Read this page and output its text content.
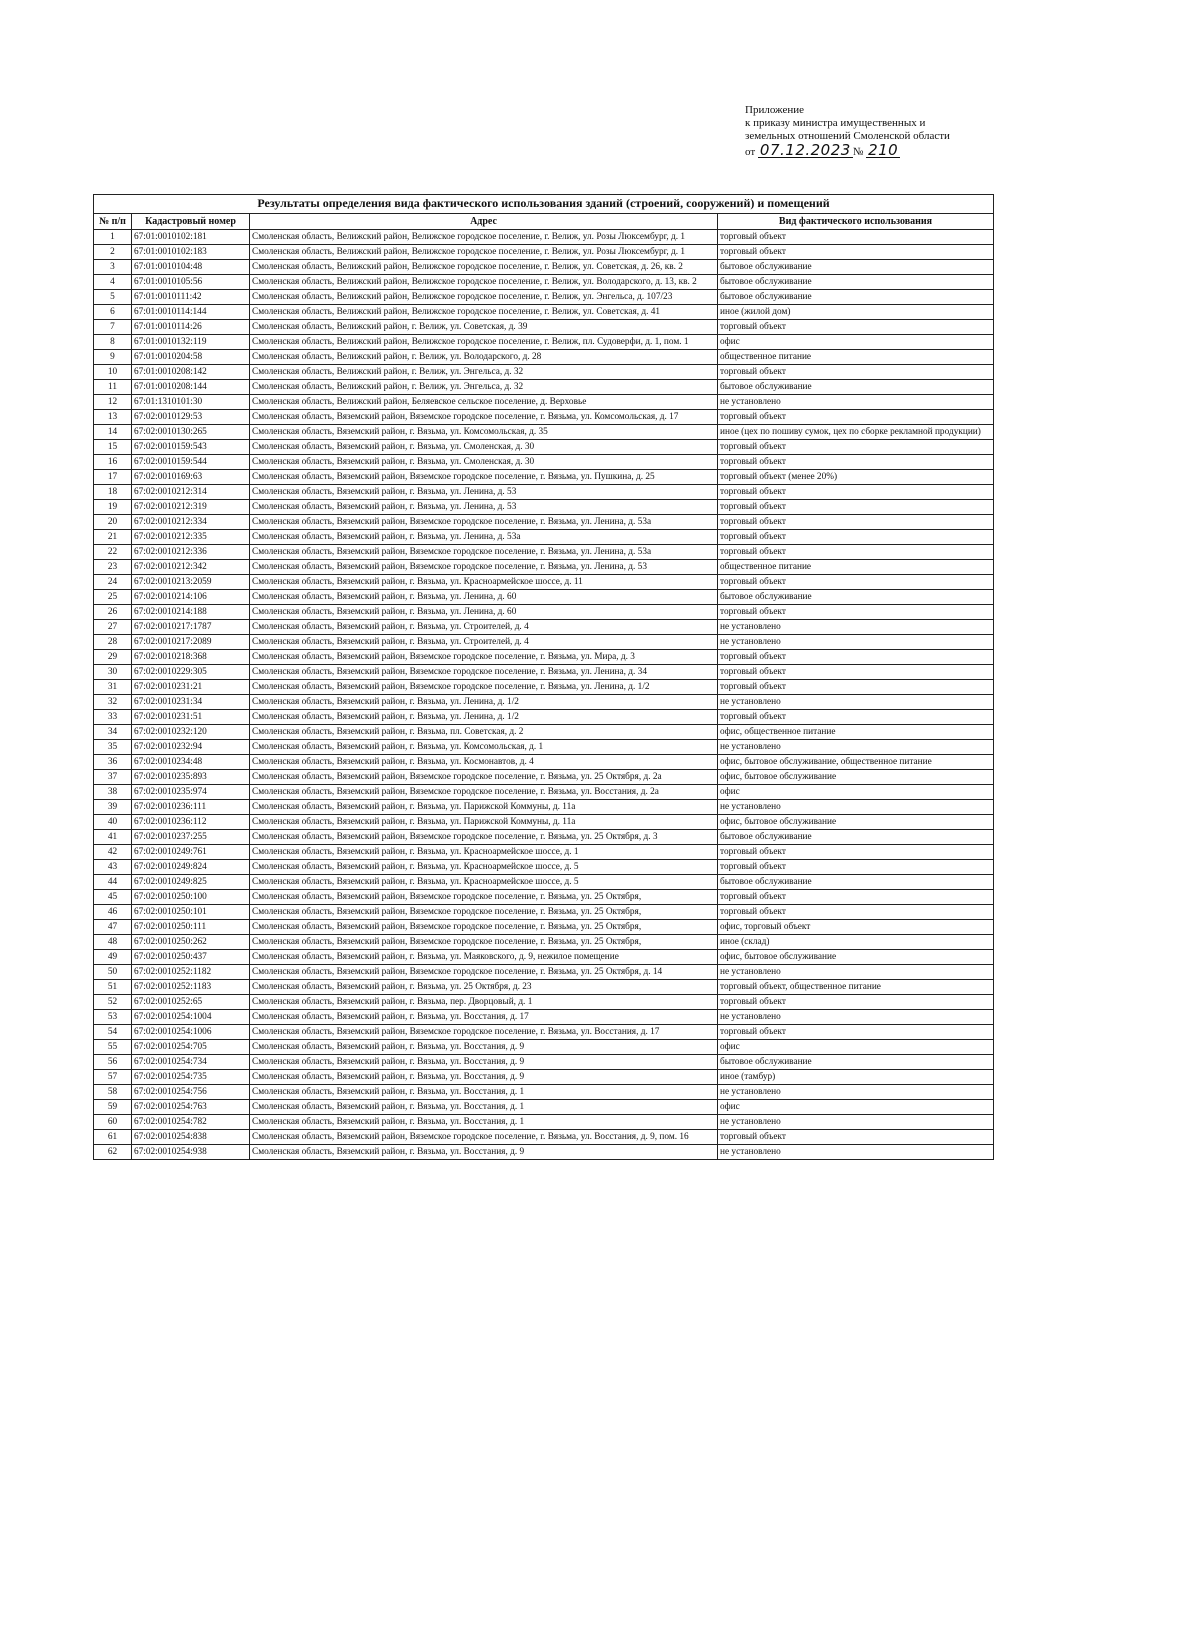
Приложение
к приказу министра имущественных и
земельных отношений Смоленской области
от 07.12.2023 № 210
Результаты определения вида фактического использования зданий (строений, сооружений) и помещений			
№ п/п	Кадастровый номер	Адрес	Вид фактического использования
1	67:01:0010102:181	Смоленская область, Велижский район, Велижское городское поселение, г. Велиж, ул. Розы Люксембург, д. 1	торговый объект
2	67:01:0010102:183	Смоленская область, Велижский район, Велижское городское поселение, г. Велиж, ул. Розы Люксембург, д. 1	торговый объект
3	67:01:0010104:48	Смоленская область, Велижский район, Велижское городское поселение, г. Велиж, ул. Советская, д. 26, кв. 2	бытовое обслуживание
4	67:01:0010105:56	Смоленская область, Велижский район, Велижское городское поселение, г. Велиж, ул. Володарского, д. 13, кв. 2	бытовое обслуживание
5	67:01:0010111:42	Смоленская область, Велижский район, Велижское городское поселение, г. Велиж, ул. Энгельса, д. 107/23	бытовое обслуживание
6	67:01:0010114:144	Смоленская область, Велижский район, Велижское городское поселение, г. Велиж, ул. Советская, д. 41	иное (жилой дом)
7	67:01:0010114:26	Смоленская область, Велижский район, г. Велиж, ул. Советская, д. 39	торговый объект
8	67:01:0010132:119	Смоленская область, Велижский район, Велижское городское поселение, г. Велиж, пл. Судоверфи, д. 1, пом. 1	офис
9	67:01:0010204:58	Смоленская область, Велижский район, г. Велиж, ул. Володарского, д. 28	общественное питание
10	67:01:0010208:142	Смоленская область, Велижский район, г. Велиж, ул. Энгельса, д. 32	торговый объект
11	67:01:0010208:144	Смоленская область, Велижский район, г. Велиж, ул. Энгельса, д. 32	бытовое обслуживание
12	67:01:1310101:30	Смоленская область, Велижский район, Беляевское сельское поселение, д. Верховье	не установлено
13	67:02:0010129:53	Смоленская область, Вяземский район, Вяземское городское поселение, г. Вязьма, ул. Комсомольская, д. 17	торговый объект
14	67:02:0010130:265	Смоленская область, Вяземский район, г. Вязьма, ул. Комсомольская, д. 35	иное (цех по пошиву сумок, цех по сборке рекламной продукции)
15	67:02:0010159:543	Смоленская область, Вяземский район, г. Вязьма, ул. Смоленская, д. 30	торговый объект
16	67:02:0010159:544	Смоленская область, Вяземский район, г. Вязьма, ул. Смоленская, д. 30	торговый объект
17	67:02:0010169:63	Смоленская область, Вяземский район, Вяземское городское поселение, г. Вязьма, ул. Пушкина, д. 25	торговый объект (менее 20%)
18	67:02:0010212:314	Смоленская область, Вяземский район, г. Вязьма, ул. Ленина, д. 53	торговый объект
19	67:02:0010212:319	Смоленская область, Вяземский район, г. Вязьма, ул. Ленина, д. 53	торговый объект
20	67:02:0010212:334	Смоленская область, Вяземский район, Вяземское городское поселение, г. Вязьма, ул. Ленина, д. 53а	торговый объект
21	67:02:0010212:335	Смоленская область, Вяземский район, г. Вязьма, ул. Ленина, д. 53а	торговый объект
22	67:02:0010212:336	Смоленская область, Вяземский район, Вяземское городское поселение, г. Вязьма, ул. Ленина, д. 53а	торговый объект
23	67:02:0010212:342	Смоленская область, Вяземский район, Вяземское городское поселение, г. Вязьма, ул. Ленина, д. 53	общественное питание
24	67:02:0010213:2059	Смоленская область, Вяземский район, г. Вязьма, ул. Красноармейское шоссе, д. 11	торговый объект
25	67:02:0010214:106	Смоленская область, Вяземский район, г. Вязьма, ул. Ленина, д. 60	бытовое обслуживание
26	67:02:0010214:188	Смоленская область, Вяземский район, г. Вязьма, ул. Ленина, д. 60	торговый объект
27	67:02:0010217:1787	Смоленская область, Вяземский район, г. Вязьма, ул. Строителей, д. 4	не установлено
28	67:02:0010217:2089	Смоленская область, Вяземский район, г. Вязьма, ул. Строителей, д. 4	не установлено
29	67:02:0010218:368	Смоленская область, Вяземский район, Вяземское городское поселение, г. Вязьма, ул. Мира, д. 3	торговый объект
30	67:02:0010229:305	Смоленская область, Вяземский район, Вяземское городское поселение, г. Вязьма, ул. Ленина, д. 34	торговый объект
31	67:02:0010231:21	Смоленская область, Вяземский район, Вяземское городское поселение, г. Вязьма, ул. Ленина, д. 1/2	торговый объект
32	67:02:0010231:34	Смоленская область, Вяземский район, г. Вязьма, ул. Ленина, д. 1/2	не установлено
33	67:02:0010231:51	Смоленская область, Вяземский район, г. Вязьма, ул. Ленина, д. 1/2	торговый объект
34	67:02:0010232:120	Смоленская область, Вяземский район, г. Вязьма, пл. Советская, д. 2	офис, общественное питание
35	67:02:0010232:94	Смоленская область, Вяземский район, г. Вязьма, ул. Комсомольская, д. 1	не установлено
36	67:02:0010234:48	Смоленская область, Вяземский район, г. Вязьма, ул. Космонавтов, д. 4	офис, бытовое обслуживание, общественное питание
37	67:02:0010235:893	Смоленская область, Вяземский район, Вяземское городское поселение, г. Вязьма, ул. 25 Октября, д. 2а	офис, бытовое обслуживание
38	67:02:0010235:974	Смоленская область, Вяземский район, Вяземское городское поселение, г. Вязьма, ул. Восстания, д. 2а	офис
39	67:02:0010236:111	Смоленская область, Вяземский район, г. Вязьма, ул. Парижской Коммуны, д. 11а	не установлено
40	67:02:0010236:112	Смоленская область, Вяземский район, г. Вязьма, ул. Парижской Коммуны, д. 11а	офис, бытовое обслуживание
41	67:02:0010237:255	Смоленская область, Вяземский район, Вяземское городское поселение, г. Вязьма, ул. 25 Октября, д. 3	бытовое обслуживание
42	67:02:0010249:761	Смоленская область, Вяземский район, г. Вязьма, ул. Красноармейское шоссе, д. 1	торговый объект
43	67:02:0010249:824	Смоленская область, Вяземский район, г. Вязьма, ул. Красноармейское шоссе, д. 5	торговый объект
44	67:02:0010249:825	Смоленская область, Вяземский район, г. Вязьма, ул. Красноармейское шоссе, д. 5	бытовое обслуживание
45	67:02:0010250:100	Смоленская область, Вяземский район, Вяземское городское поселение, г. Вязьма, ул. 25 Октября,	торговый объект
46	67:02:0010250:101	Смоленская область, Вяземский район, Вяземское городское поселение, г. Вязьма, ул. 25 Октября,	торговый объект
47	67:02:0010250:111	Смоленская область, Вяземский район, Вяземское городское поселение, г. Вязьма, ул. 25 Октября,	офис, торговый объект
48	67:02:0010250:262	Смоленская область, Вяземский район, Вяземское городское поселение, г. Вязьма, ул. 25 Октября,	иное (склад)
49	67:02:0010250:437	Смоленская область, Вяземский район, г. Вязьма, ул. Маяковского, д. 9, нежилое помещение	офис, бытовое обслуживание
50	67:02:0010252:1182	Смоленская область, Вяземский район, Вяземское городское поселение, г. Вязьма, ул. 25 Октября, д. 14	не установлено
51	67:02:0010252:1183	Смоленская область, Вяземский район, г. Вязьма, ул. 25 Октября, д. 23	торговый объект, общественное питание
52	67:02:0010252:65	Смоленская область, Вяземский район, г. Вязьма, пер. Дворцовый, д. 1	торговый объект
53	67:02:0010254:1004	Смоленская область, Вяземский район, г. Вязьма, ул. Восстания, д. 17	не установлено
54	67:02:0010254:1006	Смоленская область, Вяземский район, Вяземское городское поселение, г. Вязьма, ул. Восстания, д. 17	торговый объект
55	67:02:0010254:705	Смоленская область, Вяземский район, г. Вязьма, ул. Восстания, д. 9	офис
56	67:02:0010254:734	Смоленская область, Вяземский район, г. Вязьма, ул. Восстания, д. 9	бытовое обслуживание
57	67:02:0010254:735	Смоленская область, Вяземский район, г. Вязьма, ул. Восстания, д. 9	иное (тамбур)
58	67:02:0010254:756	Смоленская область, Вяземский район, г. Вязьма, ул. Восстания, д. 1	не установлено
59	67:02:0010254:763	Смоленская область, Вяземский район, г. Вязьма, ул. Восстания, д. 1	офис
60	67:02:0010254:782	Смоленская область, Вяземский район, г. Вязьма, ул. Восстания, д. 1	не установлено
61	67:02:0010254:838	Смоленская область, Вяземский район, Вяземское городское поселение, г. Вязьма, ул. Восстания, д. 9, пом. 16	торговый объект
62	67:02:0010254:938	Смоленская область, Вяземский район, г. Вязьма, ул. Восстания, д. 9	не установлено
